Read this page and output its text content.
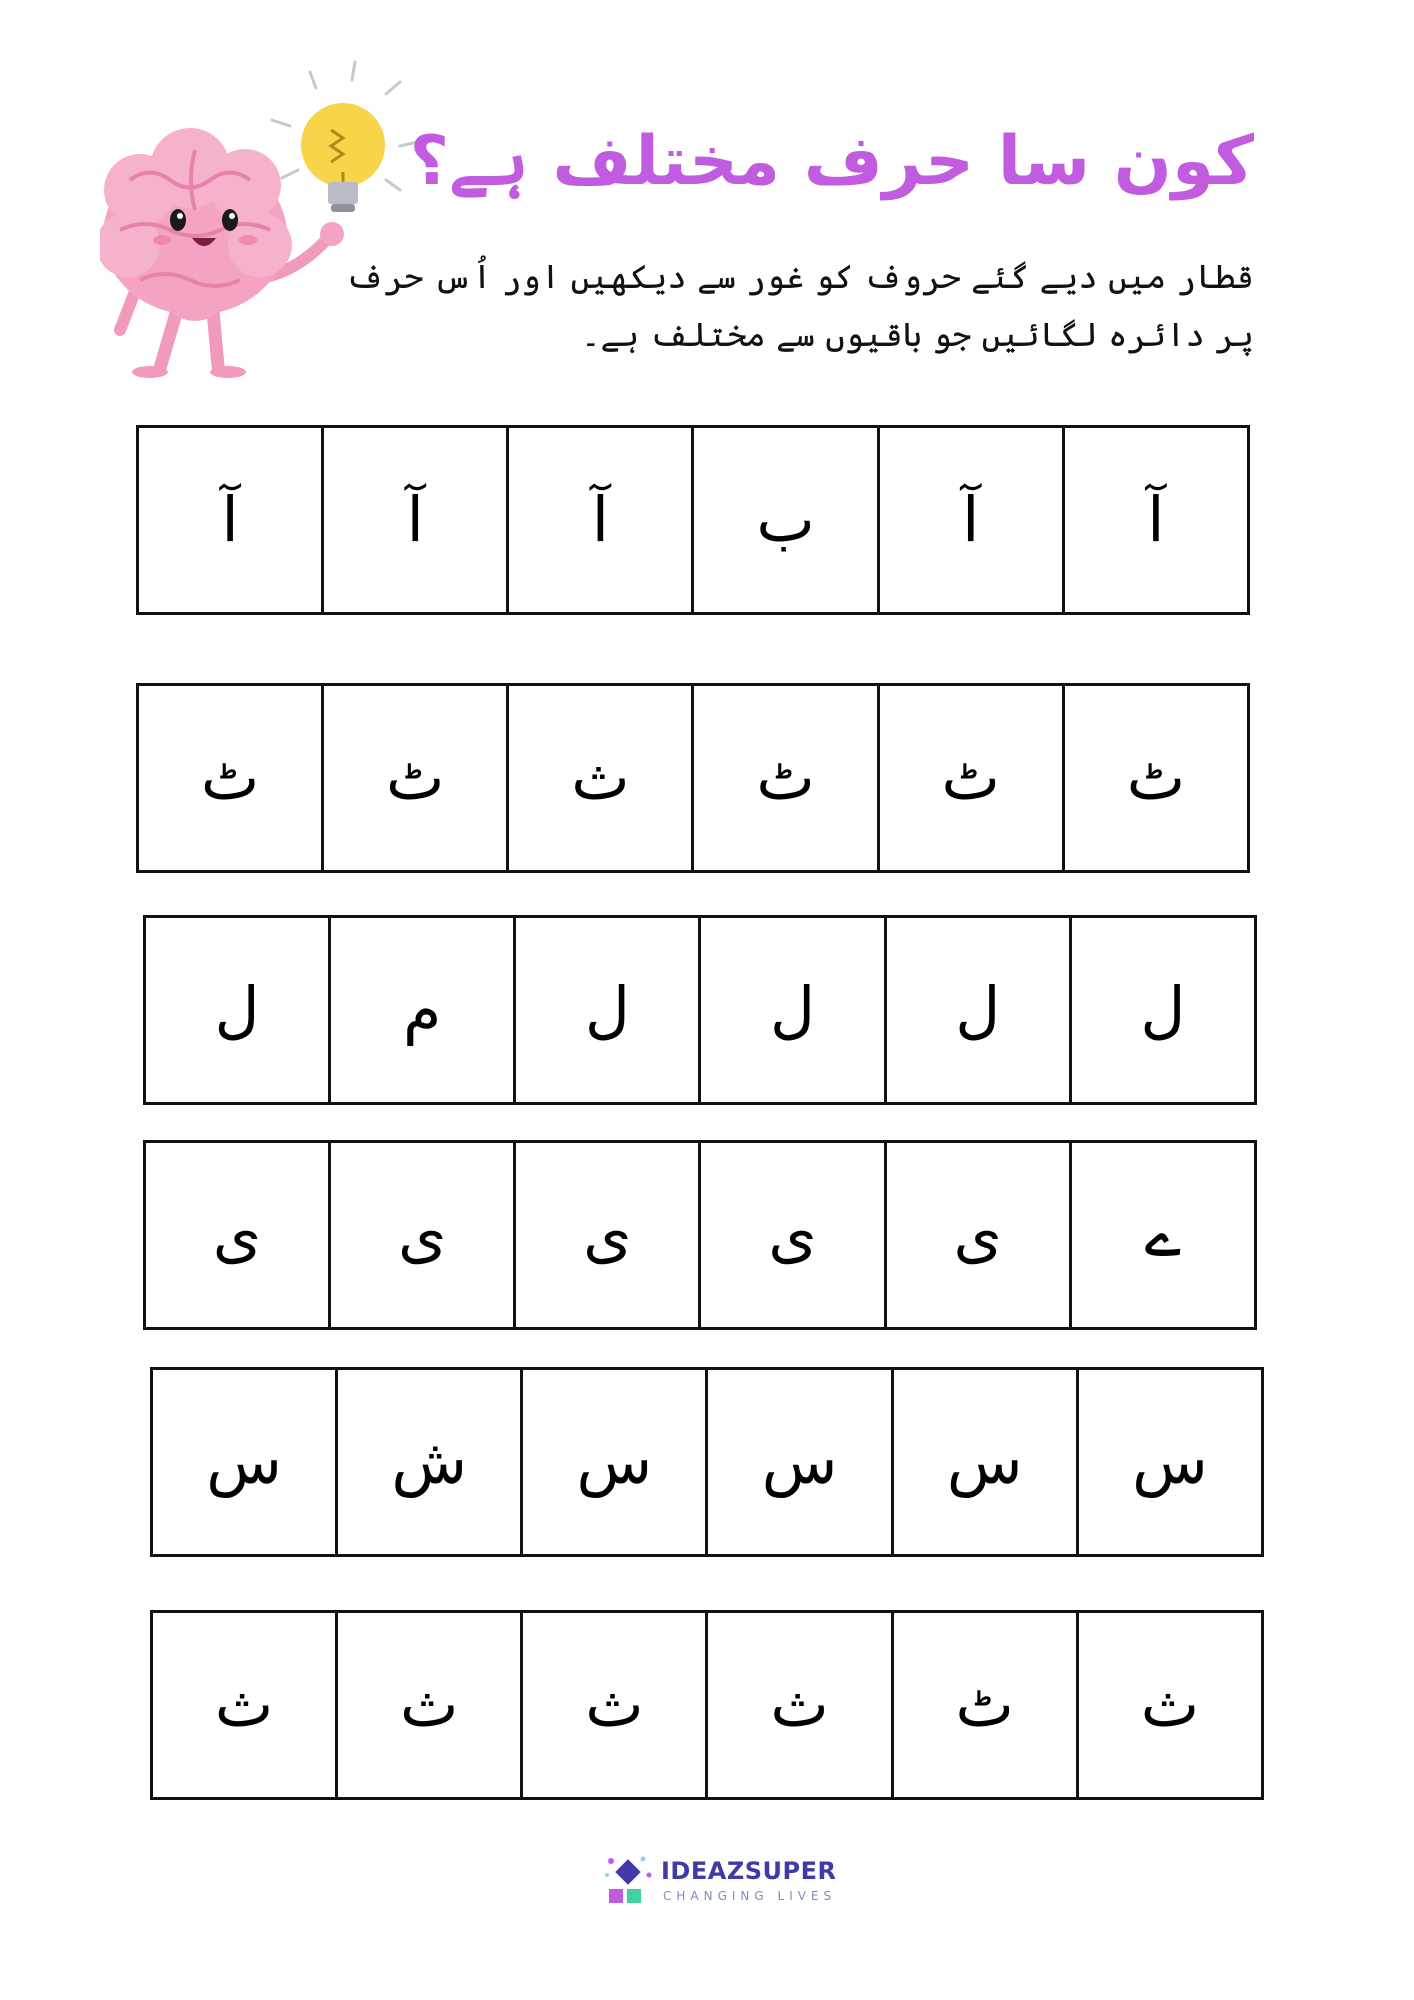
کون سا حرف مختلف ہے؟
قطار میں دیے گئے حروف کو غور سے دیکھیں اور اُس حرف پر دائرہ لگائیں جو باقیوں سے مختلف ہے۔
آ
آ
ب
آ
آ
آ
ٹ
ٹ
ٹ
ث
ٹ
ٹ
ل
ل
ل
ل
م
ل
ے
ی
ی
ی
ی
ی
س
س
س
س
ش
س
ث
ٹ
ث
ث
ث
ث
IDEAZSUPER
CHANGING LIVES
